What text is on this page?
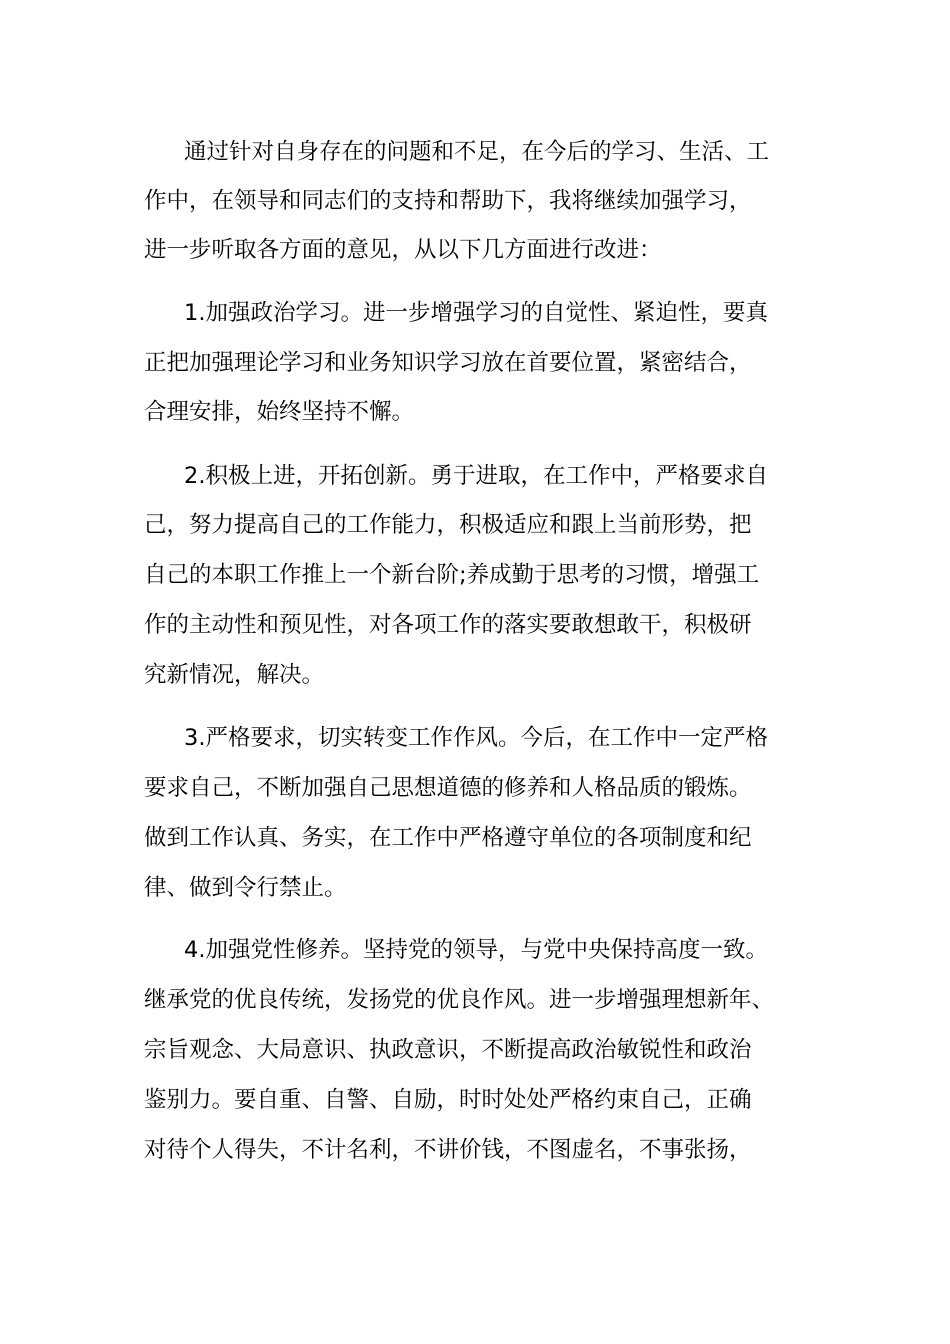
通过针对自身存在的问题和不足，在今后的学习、生活、工
作中，在领导和同志们的支持和帮助下，我将继续加强学习，
进一步听取各方面的意见，从以下几方面进行改进：
1.加强政治学习。进一步增强学习的自觉性、紧迫性，要真
正把加强理论学习和业务知识学习放在首要位置，紧密结合，
合理安排，始终坚持不懈。
2.积极上进，开拓创新。勇于进取，在工作中，严格要求自
己，努力提高自己的工作能力，积极适应和跟上当前形势，把
自己的本职工作推上一个新台阶;养成勤于思考的习惯，增强工
作的主动性和预见性，对各项工作的落实要敢想敢干，积极研
究新情况，解决。
3.严格要求，切实转变工作作风。今后，在工作中一定严格
要求自己，不断加强自己思想道德的修养和人格品质的锻炼。
做到工作认真、务实，在工作中严格遵守单位的各项制度和纪
律、做到令行禁止。
4.加强党性修养。坚持党的领导，与党中央保持高度一致。
继承党的优良传统，发扬党的优良作风。进一步增强理想新年、
宗旨观念、大局意识、执政意识，不断提高政治敏锐性和政治
鉴别力。要自重、自警、自励，时时处处严格约束自己，正确
对待个人得失，不计名利，不讲价钱，不图虚名，不事张扬，
